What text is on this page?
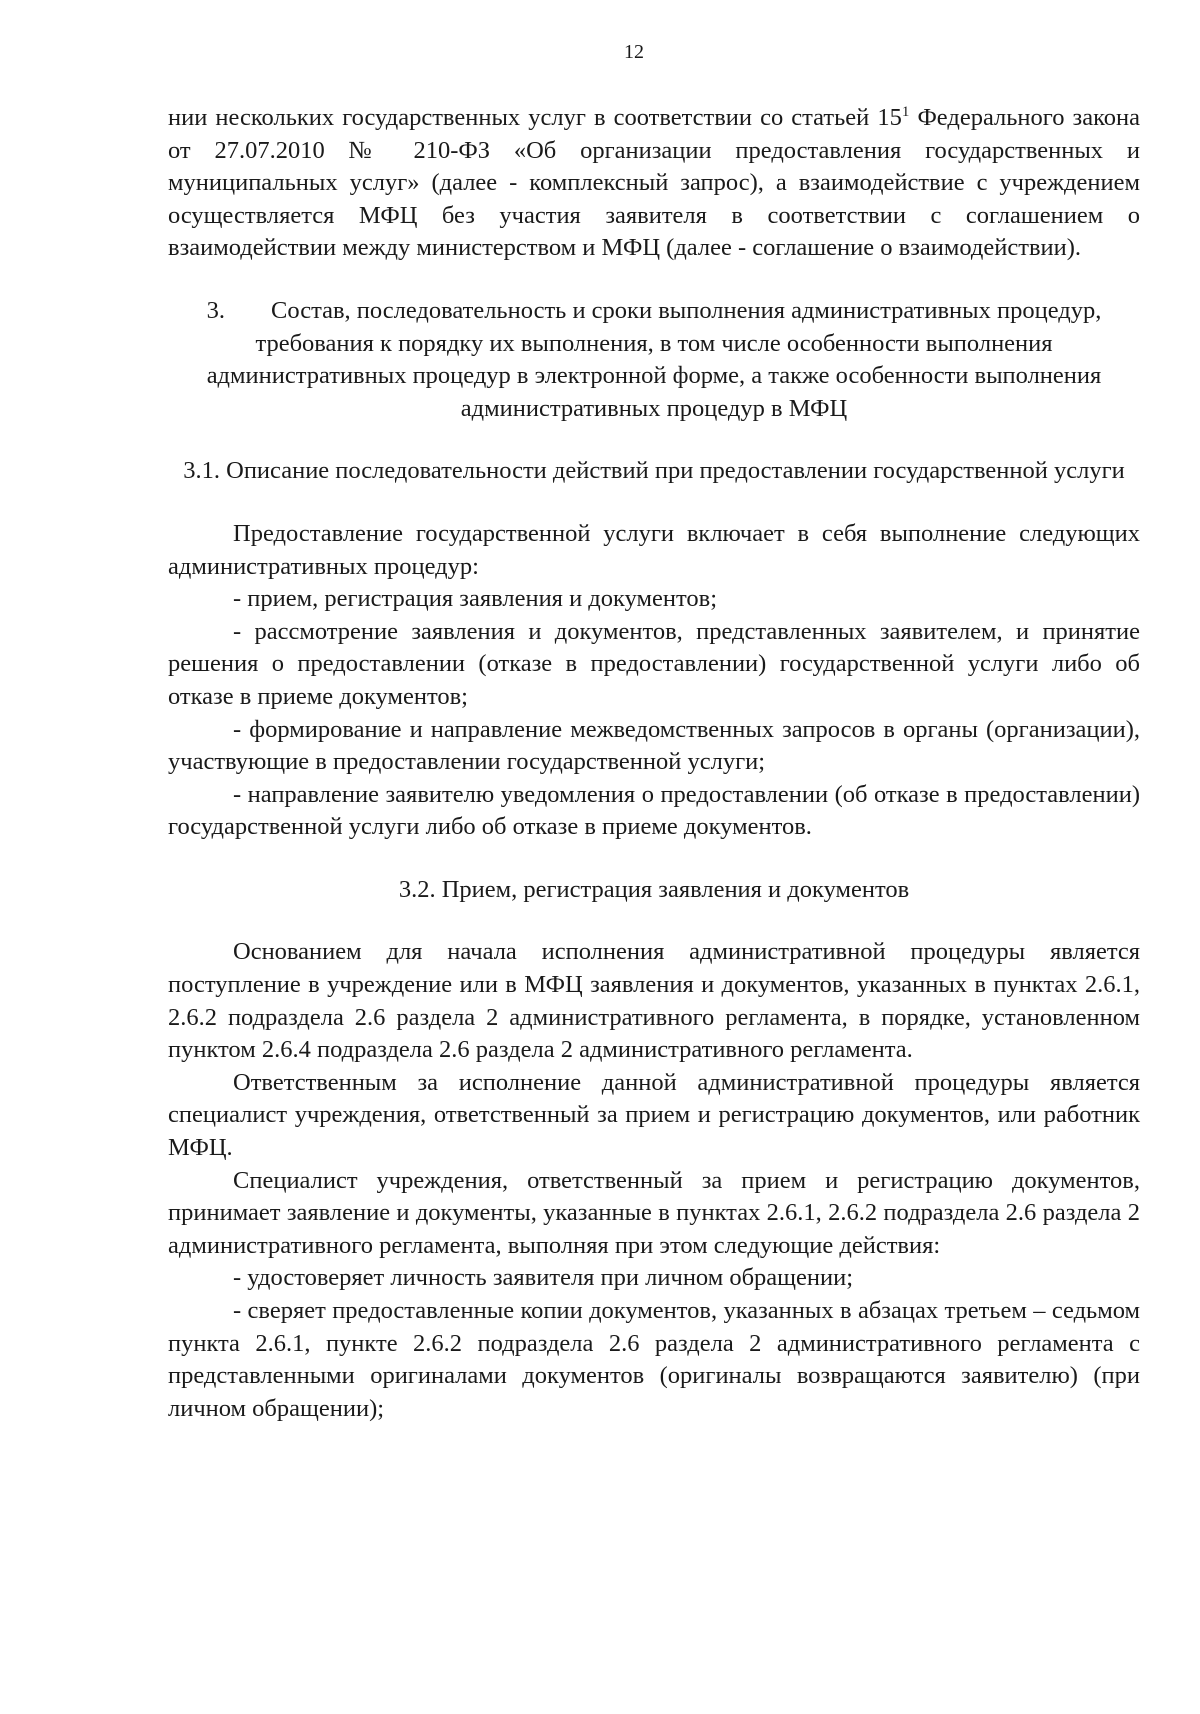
12

нии нескольких государственных услуг в соответствии со статьей $15^1$ Федерального закона от 27.07.2010 № 210-ФЗ «Об организации предоставления государственных и муниципальных услуг» (далее - комплексный запрос), а взаимодействие с учреждением осуществляется МФЦ без участия заявителя в соответствии с соглашением о взаимодействии между министерством и МФЦ (далее - соглашение о взаимодействии).

3. Состав, последовательность и сроки выполнения административных процедур, требования к порядку их выполнения, в том числе особенности выполнения административных процедур в электронной форме, а также особенности выполнения административных процедур в МФЦ
3.1. Описание последовательности действий при предоставлении государственной услуги

Предоставление государственной услуги включает в себя выполнение следующих административных процедур:

- прием, регистрация заявления и документов;

- рассмотрение заявления и документов, представленных заявителем, и принятие решения о предоставлении (отказе в предоставлении) государственной услуги либо об отказе в приеме документов;

- формирование и направление межведомственных запросов в органы (организации), участвующие в предоставлении государственной услуги;

- направление заявителю уведомления о предоставлении (об отказе в предоставлении) государственной услуги либо об отказе в приеме документов.

3.2. Прием, регистрация заявления и документов

Основанием для начала исполнения административной процедуры является поступление в учреждение или в МФЦ заявления и документов, указанных в пунктах 2.6.1, 2.6.2 подраздела 2.6 раздела 2 административного регламента, в порядке, установленном пунктом 2.6.4 подраздела 2.6 раздела 2 административного регламента.

Ответственным за исполнение данной административной процедуры является специалист учреждения, ответственный за прием и регистрацию документов, или работник МФЦ.

Специалист учреждения, ответственный за прием и регистрацию документов, принимает заявление и документы, указанные в пунктах 2.6.1, 2.6.2 подраздела 2.6 раздела 2 административного регламента, выполняя при этом следующие действия:

- удостоверяет личность заявителя при личном обращении;

- сверяет предоставленные копии документов, указанных в абзацах третьем – седьмом пункта 2.6.1, пункте 2.6.2 подраздела 2.6 раздела 2 административного регламента с представленными оригиналами документов (оригиналы возвращаются заявителю) (при личном обращении);
